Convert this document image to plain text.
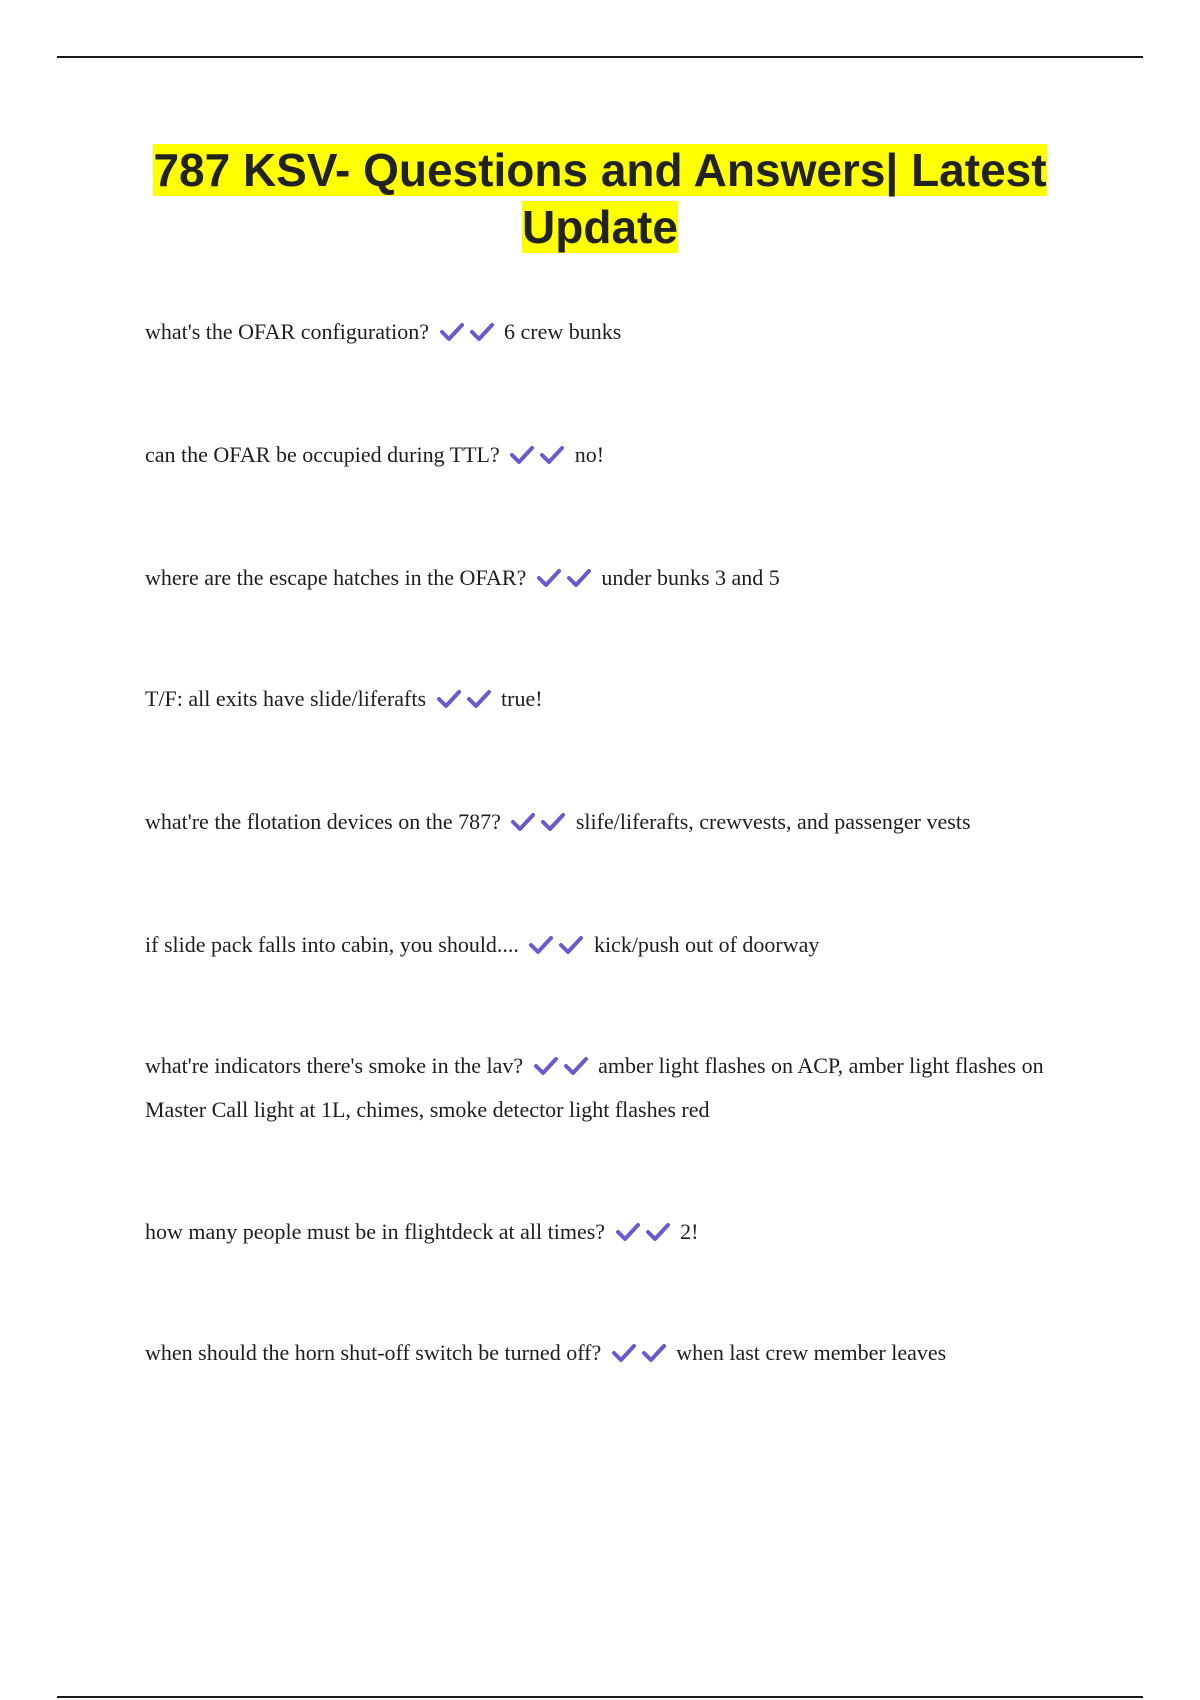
787 KSV- Questions and Answers| Latest
Update
what's the OFAR configuration?	6 crew bunks
can the OFAR be occupied during TTL?	no!
where are the escape hatches in the OFAR?	under bunks 3 and 5
T/F: all exits have slide/liferafts	true!
what're the flotation devices on the 787?	slife/liferafts, crewvests, and passenger vests
if slide pack falls into cabin, you should....	kick/push out of doorway
what're indicators there's smoke in the lav?	amber light flashes on ACP, amber light flashes on Master Call light at 1L, chimes, smoke detector light flashes red
how many people must be in flightdeck at all times?	2!
when should the horn shut-off switch be turned off?	when last crew member leaves
